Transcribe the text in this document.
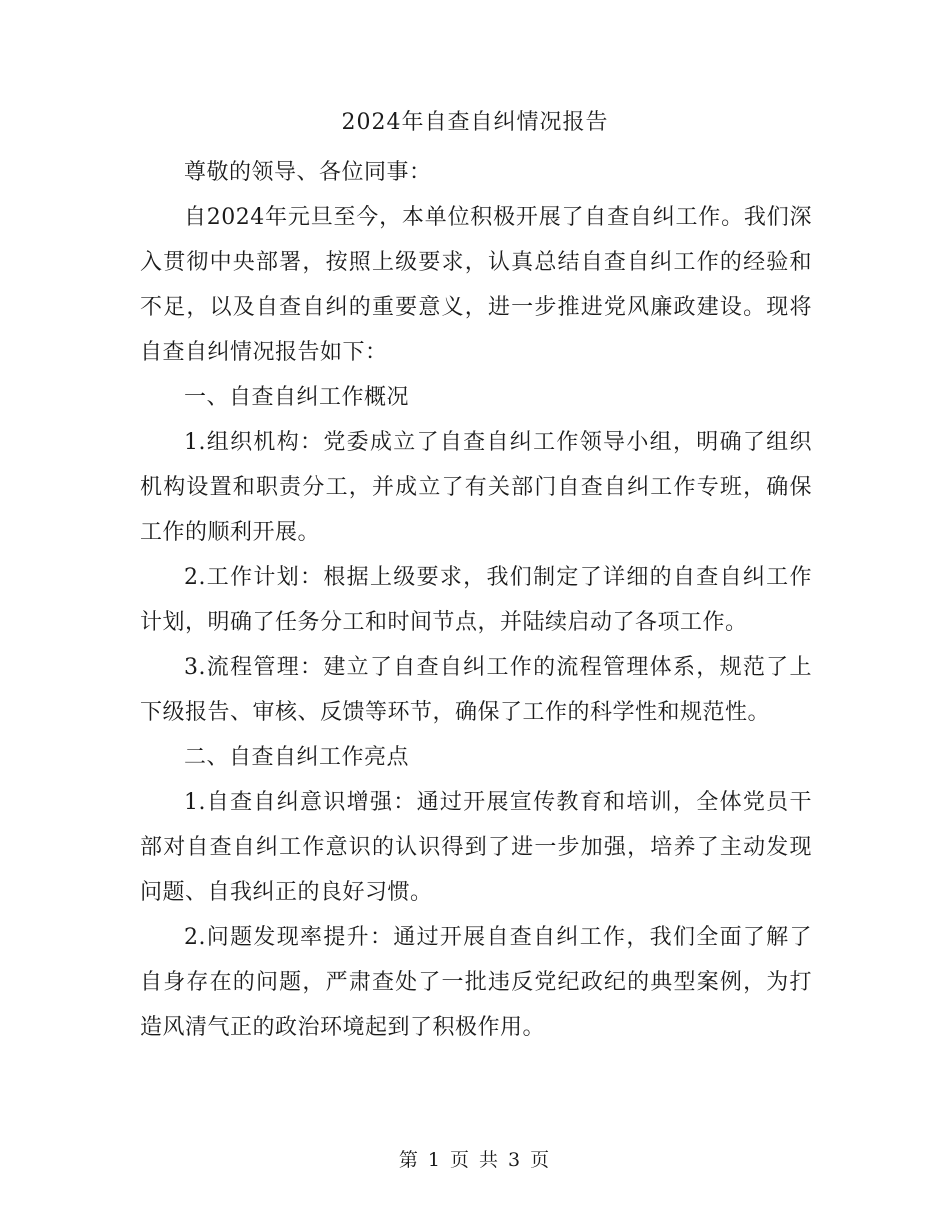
2024年自查自纠情况报告

尊敬的领导、各位同事：

自2024年元旦至今，本单位积极开展了自查自纠工作。我们深入贯彻中央部署，按照上级要求，认真总结自查自纠工作的经验和不足，以及自查自纠的重要意义，进一步推进党风廉政建设。现将自查自纠情况报告如下：

一、自查自纠工作概况

1.组织机构：党委成立了自查自纠工作领导小组，明确了组织机构设置和职责分工，并成立了有关部门自查自纠工作专班，确保工作的顺利开展。

2.工作计划：根据上级要求，我们制定了详细的自查自纠工作计划，明确了任务分工和时间节点，并陆续启动了各项工作。

3.流程管理：建立了自查自纠工作的流程管理体系，规范了上下级报告、审核、反馈等环节，确保了工作的科学性和规范性。

二、自查自纠工作亮点

1.自查自纠意识增强：通过开展宣传教育和培训，全体党员干部对自查自纠工作意识的认识得到了进一步加强，培养了主动发现问题、自我纠正的良好习惯。

2.问题发现率提升：通过开展自查自纠工作，我们全面了解了自身存在的问题，严肃查处了一批违反党纪政纪的典型案例，为打造风清气正的政治环境起到了积极作用。

第 1 页 共 3 页
